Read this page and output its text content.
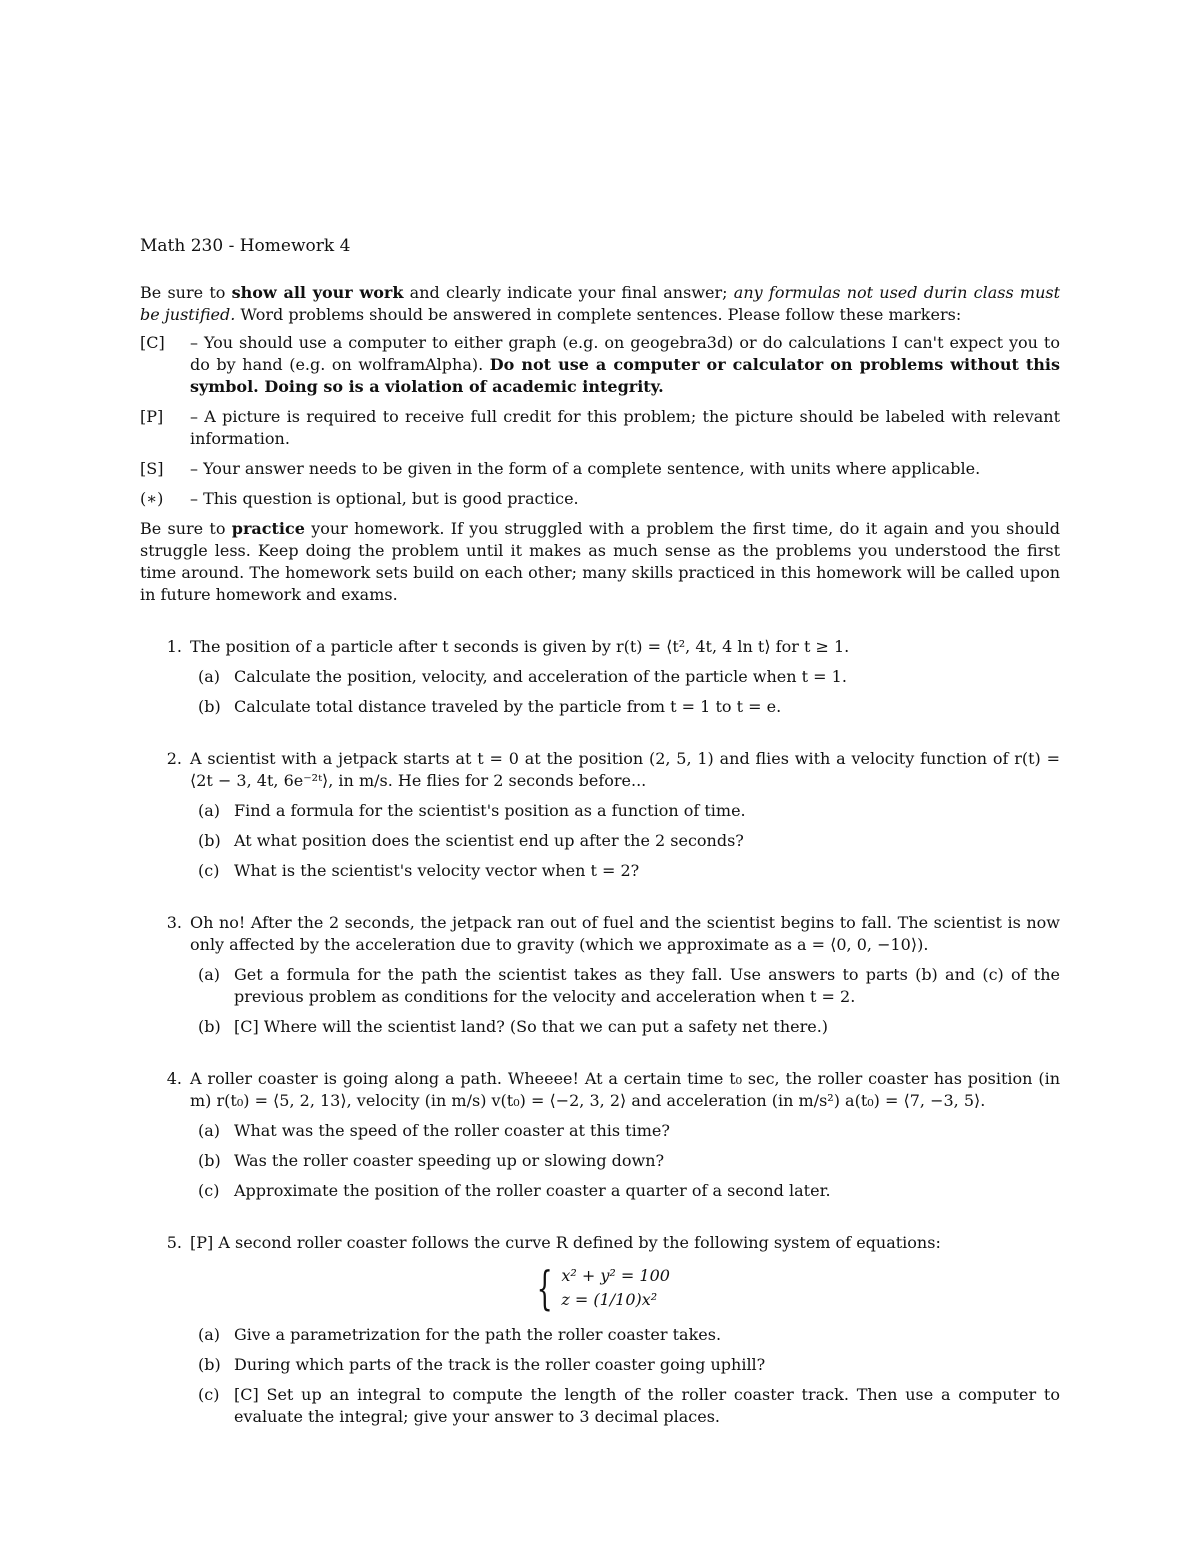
Math 230 - Homework 4

Be sure to show all your work and clearly indicate your final answer; any formulas not used durin class must be justified. Word problems should be answered in complete sentences. Please follow these markers:

[C]	– You should use a computer to either graph (e.g. on geogebra3d) or do calculations I can't expect you to do by hand (e.g. on wolframAlpha). Do not use a computer or calculator on problems without this symbol. Doing so is a violation of academic integrity.
[P]	– A picture is required to receive full credit for this problem; the picture should be labeled with relevant information.
[S]	– Your answer needs to be given in the form of a complete sentence, with units where applicable.
(∗)	– This question is optional, but is good practice.

Be sure to practice your homework. If you struggled with a problem the first time, do it again and you should struggle less. Keep doing the problem until it makes as much sense as the problems you understood the first time around. The homework sets build on each other; many skills practiced in this homework will be called upon in future homework and exams.

1. The position of a particle after t seconds is given by r(t) = ⟨t², 4t, 4 ln t⟩ for t ≥ 1.
(a) Calculate the position, velocity, and acceleration of the particle when t = 1.
(b) Calculate total distance traveled by the particle from t = 1 to t = e.
2. A scientist with a jetpack starts at t = 0 at the position (2, 5, 1) and flies with a velocity function of r(t) = ⟨2t − 3, 4t, 6e⁻²ᵗ⟩, in m/s. He flies for 2 seconds before...
(a) Find a formula for the scientist's position as a function of time.
(b) At what position does the scientist end up after the 2 seconds?
(c) What is the scientist's velocity vector when t = 2?
3. Oh no! After the 2 seconds, the jetpack ran out of fuel and the scientist begins to fall. The scientist is now only affected by the acceleration due to gravity (which we approximate as a = ⟨0, 0, −10⟩).
(a) Get a formula for the path the scientist takes as they fall. Use answers to parts (b) and (c) of the previous problem as conditions for the velocity and acceleration when t = 2.
(b) [C] Where will the scientist land? (So that we can put a safety net there.)
4. A roller coaster is going along a path. Wheeee! At a certain time t₀ sec, the roller coaster has position (in m) r(t₀) = ⟨5, 2, 13⟩, velocity (in m/s) v(t₀) = ⟨−2, 3, 2⟩ and acceleration (in m/s²) a(t₀) = ⟨7, −3, 5⟩.
(a) What was the speed of the roller coaster at this time?
(b) Was the roller coaster speeding up or slowing down?
(c) Approximate the position of the roller coaster a quarter of a second later.
5. [P] A second roller coaster follows the curve R defined by the following system of equations:
{ x² + y² = 100
z = (1/10)x²
(a) Give a parametrization for the path the roller coaster takes.
(b) During which parts of the track is the roller coaster going uphill?
(c) [C] Set up an integral to compute the length of the roller coaster track. Then use a computer to evaluate the integral; give your answer to 3 decimal places.
